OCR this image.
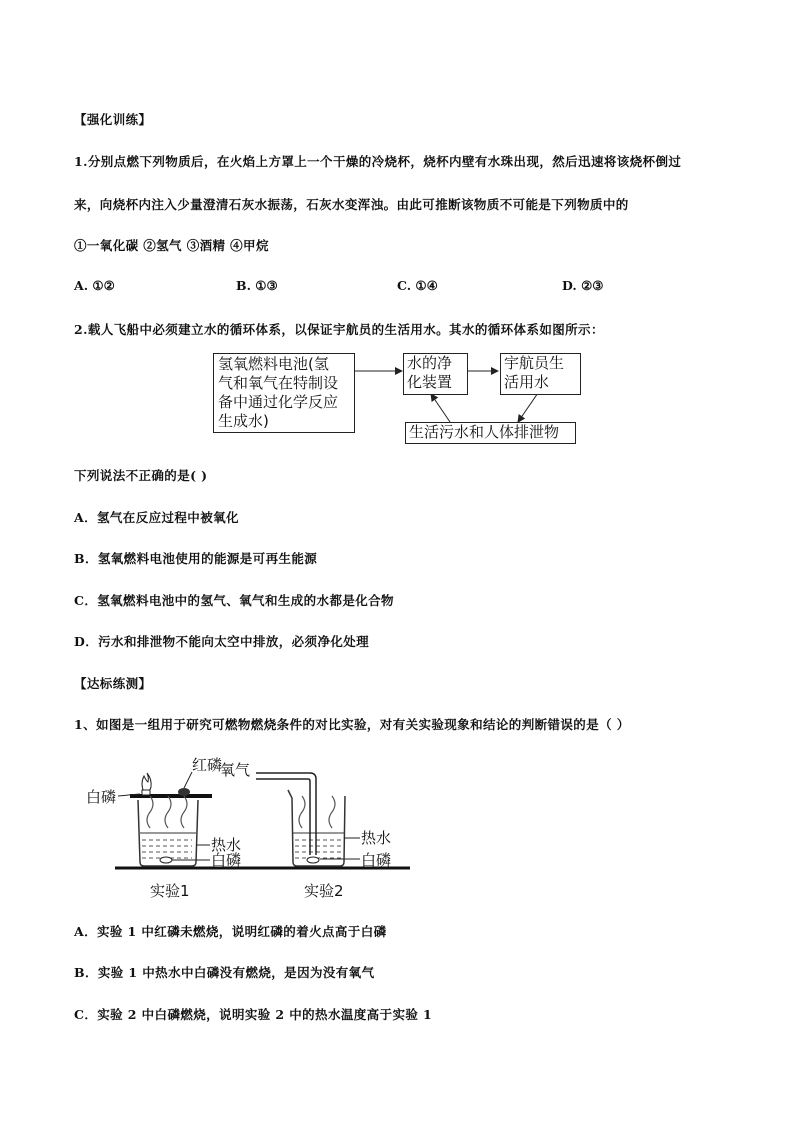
【强化训练】
1.分别点燃下列物质后，在火焰上方罩上一个干燥的冷烧杯，烧杯内壁有水珠出现，然后迅速将该烧杯倒过
来，向烧杯内注入少量澄清石灰水振荡，石灰水变浑浊。由此可推断该物质不可能是下列物质中的
①一氧化碳 ②氢气 ③酒精 ④甲烷
A. ①②	B. ①③	C. ①④	D. ②③
2.载人飞船中必须建立水的循环体系，以保证宇航员的生活用水。其水的循环体系如图所示：
氢氧燃料电池(氢
气和氧气在特制设
备中通过化学反应
生成水)
水的净
化装置
宇航员生
活用水
生活污水和人体排泄物
下列说法不正确的是( )
A．氢气在反应过程中被氧化
B．氢氧燃料电池使用的能源是可再生能源
C．氢氧燃料电池中的氢气、氧气和生成的水都是化合物
D．污水和排泄物不能向太空中排放，必须净化处理
【达标练测】
1、如图是一组用于研究可燃物燃烧条件的对比实验，对有关实验现象和结论的判断错误的是（ ）
红磷
白磷
热水
白磷
实验1
氧气
热水
白磷
实验2
A．实验 1 中红磷未燃烧，说明红磷的着火点高于白磷
B．实验 1 中热水中白磷没有燃烧，是因为没有氧气
C．实验 2 中白磷燃烧，说明实验 2 中的热水温度高于实验 1
